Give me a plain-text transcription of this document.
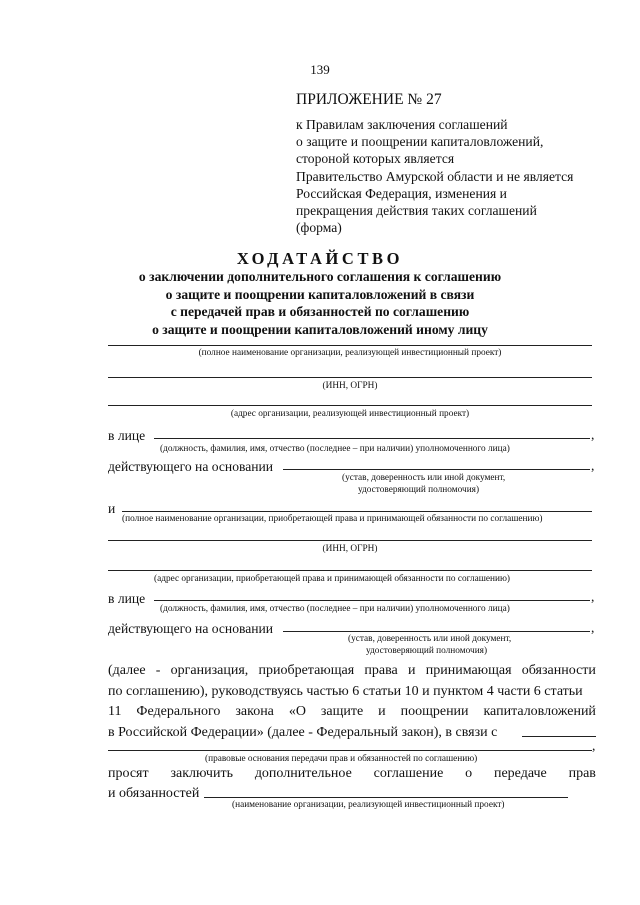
139
ПРИЛОЖЕНИЕ № 27
к Правилам заключения соглашений
о защите и поощрении капиталовложений,
стороной которых является
Правительство Амурской области и не является
Российская Федерация, изменения и
прекращения действия таких соглашений
(форма)
ХОДАТАЙСТВО
о заключении дополнительного соглашения к соглашению
о защите и поощрении капиталовложений в связи
с передачей прав и обязанностей по соглашению
о защите и поощрении капиталовложений иному лицу
(полное наименование организации, реализующей инвестиционный проект)
(ИНН, ОГРН)
(адрес организации, реализующей инвестиционный проект)
в лице	,
(должность, фамилия, имя, отчество (последнее – при наличии) уполномоченного лица)
действующего на основании	,
(устав, доверенность или иной документ,
удостоверяющий полномочия)
и
(полное наименование организации, приобретающей права и принимающей обязанности по соглашению)
(ИНН, ОГРН)
(адрес организации, приобретающей права и принимающей обязанности по соглашению)
в лице	,
(должность, фамилия, имя, отчество (последнее – при наличии) уполномоченного лица)
действующего на основании	,
(устав, доверенность или иной документ,
удостоверяющий полномочия)
(далее - организация, приобретающая права и принимающая обязанности
по соглашению), руководствуясь частью 6 статьи 10 и пунктом 4 части 6 статьи
11 Федерального закона «О защите и поощрении капиталовложений
в Российской Федерации» (далее - Федеральный закон), в связи с
,
(правовые основания передачи прав и обязанностей по соглашению)
просят заключить дополнительное соглашение о передаче прав
и обязанностей
(наименование организации, реализующей инвестиционный проект)
